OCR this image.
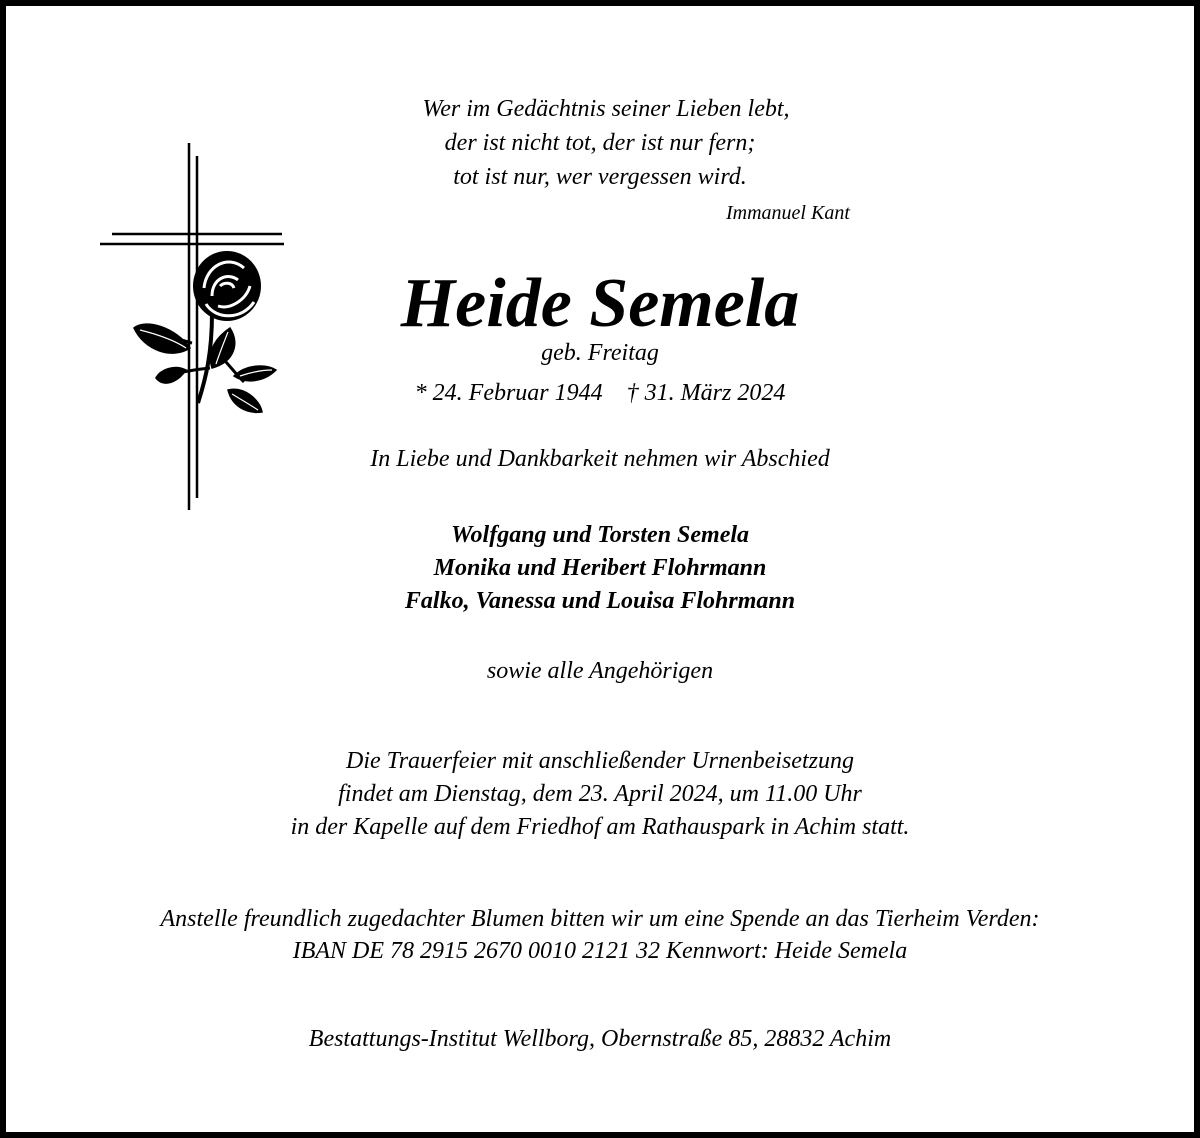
Wer im Gedächtnis seiner Lieben lebt,
der ist nicht tot, der ist nur fern;
tot ist nur, wer vergessen wird.
Immanuel Kant
Heide Semela
geb. Freitag
* 24. Februar 1944    † 31. März 2024
In Liebe und Dankbarkeit nehmen wir Abschied
Wolfgang und Torsten Semela
Monika und Heribert Flohrmann
Falko, Vanessa und Louisa Flohrmann
sowie alle Angehörigen
Die Trauerfeier mit anschließender Urnenbeisetzung
findet am Dienstag, dem 23. April 2024, um 11.00 Uhr
in der Kapelle auf dem Friedhof am Rathauspark in Achim statt.
Anstelle freundlich zugedachter Blumen bitten wir um eine Spende an das Tierheim Verden:
IBAN DE 78 2915 2670 0010 2121 32 Kennwort: Heide Semela
Bestattungs-Institut Wellborg, Obernstraße 85, 28832 Achim
